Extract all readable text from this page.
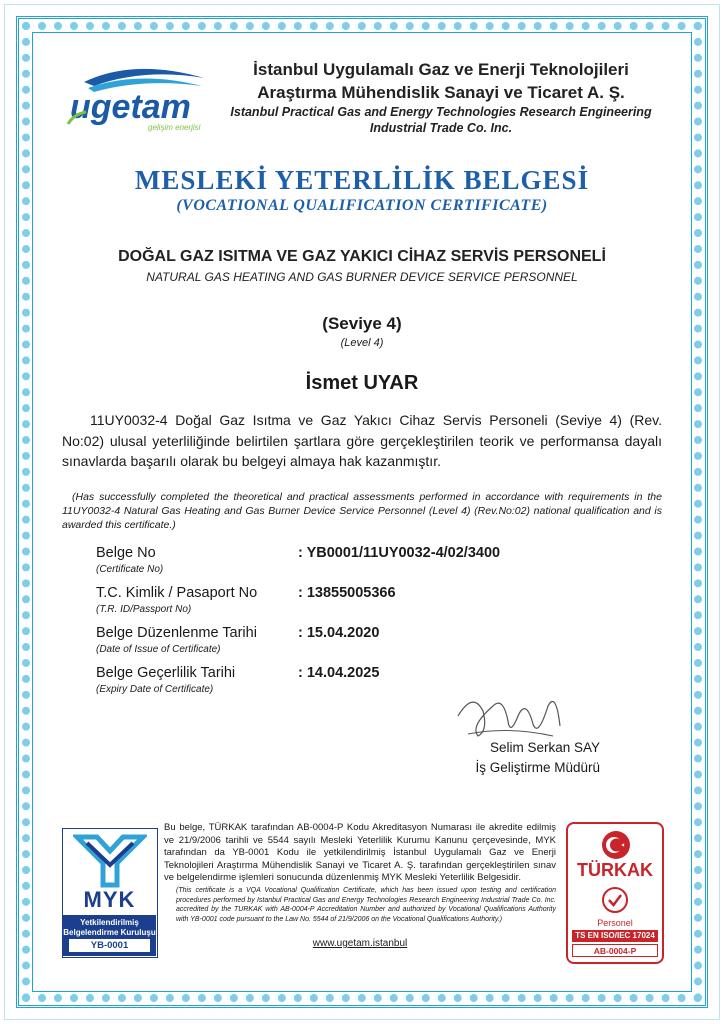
ugetam
gelişim enerjisi
İstanbul Uygulamalı Gaz ve Enerji Teknolojileri
Araştırma Mühendislik Sanayi ve Ticaret A. Ş.
Istanbul Practical Gas and Energy Technologies Research Engineering
Industrial Trade Co. Inc.
MESLEKİ YETERLİLİK BELGESİ
(VOCATIONAL QUALIFICATION CERTIFICATE)
DOĞAL GAZ ISITMA VE GAZ YAKICI CİHAZ SERVİS PERSONELİ
NATURAL GAS HEATING AND GAS BURNER DEVICE SERVICE PERSONNEL
(Seviye 4)
(Level 4)
İsmet UYAR
11UY0032-4 Doğal Gaz Isıtma ve Gaz Yakıcı Cihaz Servis Personeli (Seviye 4) (Rev. No:02) ulusal yeterliliğinde belirtilen şartlara göre gerçekleştirilen teorik ve performansa dayalı sınavlarda başarılı olarak bu belgeyi almaya hak kazanmıştır.
(Has successfully completed the theoretical and practical assessments performed in accordance with requirements in the 11UY0032-4 Natural Gas Heating and Gas Burner Device Service Personnel (Level 4) (Rev.No:02) national qualification and is awarded this certificate.)
Belge No
(Certificate No)
: YB0001/11UY0032-4/02/3400
T.C. Kimlik / Pasaport No
(T.R. ID/Passport No)
: 13855005366
Belge Düzenlenme Tarihi
(Date of Issue of Certificate)
: 15.04.2020
Belge Geçerlilik Tarihi
(Expiry Date of Certificate)
: 14.04.2025
Selim Serkan SAY
İş Geliştirme Müdürü
MYK
Yetkilendirilmiş
Belgelendirme Kuruluşu
YB-0001
Bu belge, TÜRKAK tarafından AB-0004-P Kodu Akreditasyon Numarası ile akredite edilmiş ve 21/9/2006 tarihli ve 5544 sayılı Mesleki Yeterlilik Kurumu Kanunu çerçevesinde, MYK tarafından da YB-0001 Kodu ile yetkilendirilmiş İstanbul Uygulamalı Gaz ve Enerji Teknolojileri Araştırma Mühendislik Sanayi ve Ticaret A. Ş. tarafından gerçekleştirilen sınav ve belgelendirme işlemleri sonucunda düzenlenmiş MYK Mesleki Yeterlilik Belgesidir.
(This certificate is a VQA Vocational Qualification Certificate, which has been issued upon testing and certification procedures performed by Istanbul Practical Gas and Energy Technologies Research Engineering Industrial Trade Co. Inc. accredited by the TURKAK with AB-0004-P Accreditation Number and authorized by Vocational Qualifications Authority with YB-0001 code pursuant to the Law No. 5544 of 21/9/2006 on the Vocational Qualifications Authority.)
www.ugetam.istanbul
TÜRKAK
Personel
TS EN ISO/IEC 17024
AB-0004-P
